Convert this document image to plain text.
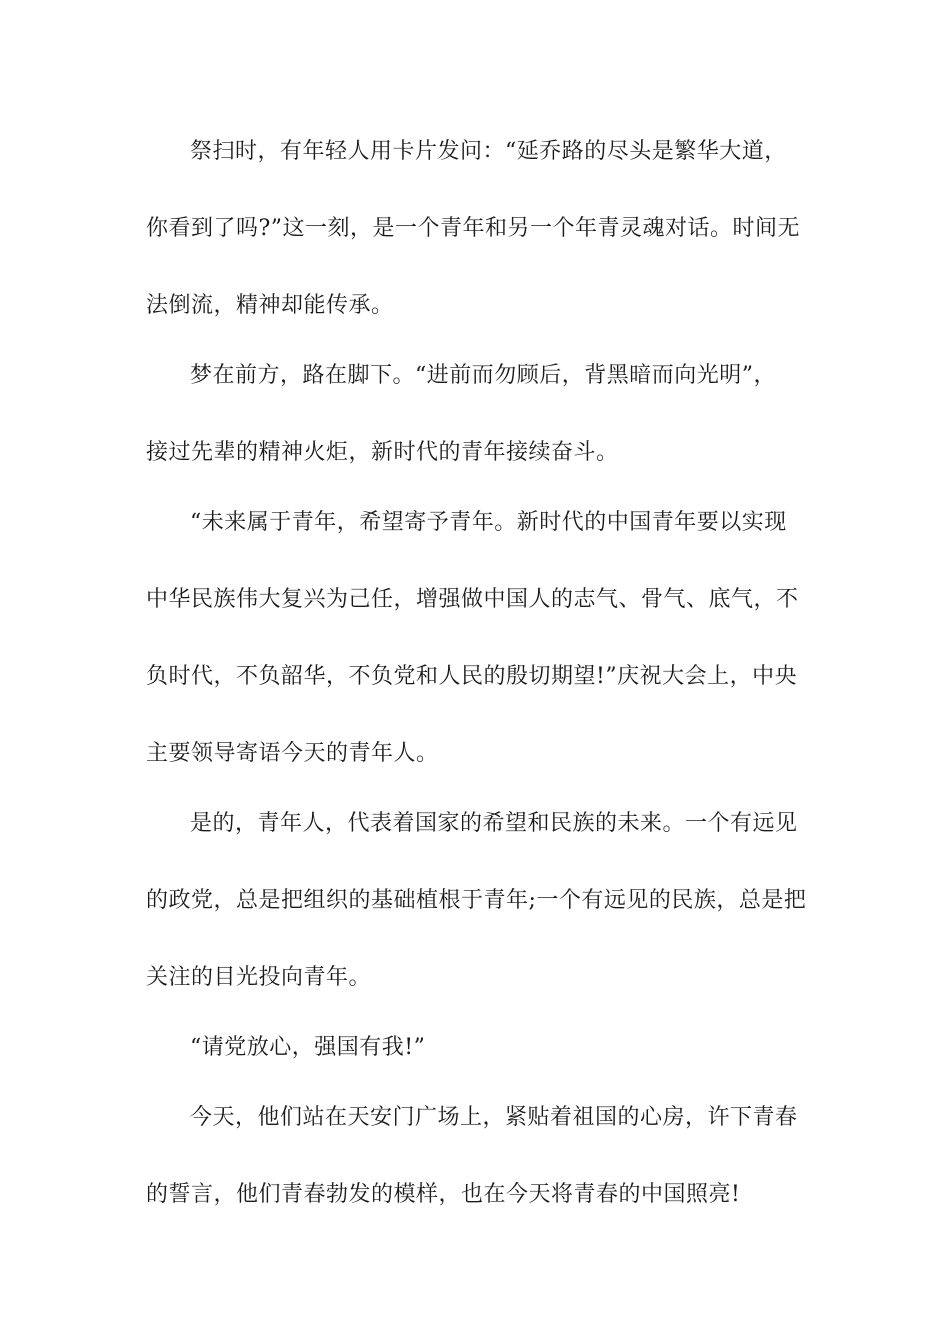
祭扫时，有年轻人用卡片发问：“延乔路的尽头是繁华大道，

你看到了吗?”这一刻，是一个青年和另一个年青灵魂对话。时间无

法倒流，精神却能传承。

梦在前方，路在脚下。“进前而勿顾后，背黑暗而向光明”，

接过先辈的精神火炬，新时代的青年接续奋斗。

“未来属于青年，希望寄予青年。新时代的中国青年要以实现

中华民族伟大复兴为己任，增强做中国人的志气、骨气、底气，不

负时代，不负韶华，不负党和人民的殷切期望!”庆祝大会上，中央

主要领导寄语今天的青年人。

是的，青年人，代表着国家的希望和民族的未来。一个有远见

的政党，总是把组织的基础植根于青年;一个有远见的民族，总是把

关注的目光投向青年。

“请党放心，强国有我!”

今天，他们站在天安门广场上，紧贴着祖国的心房，许下青春

的誓言，他们青春勃发的模样，也在今天将青春的中国照亮!
